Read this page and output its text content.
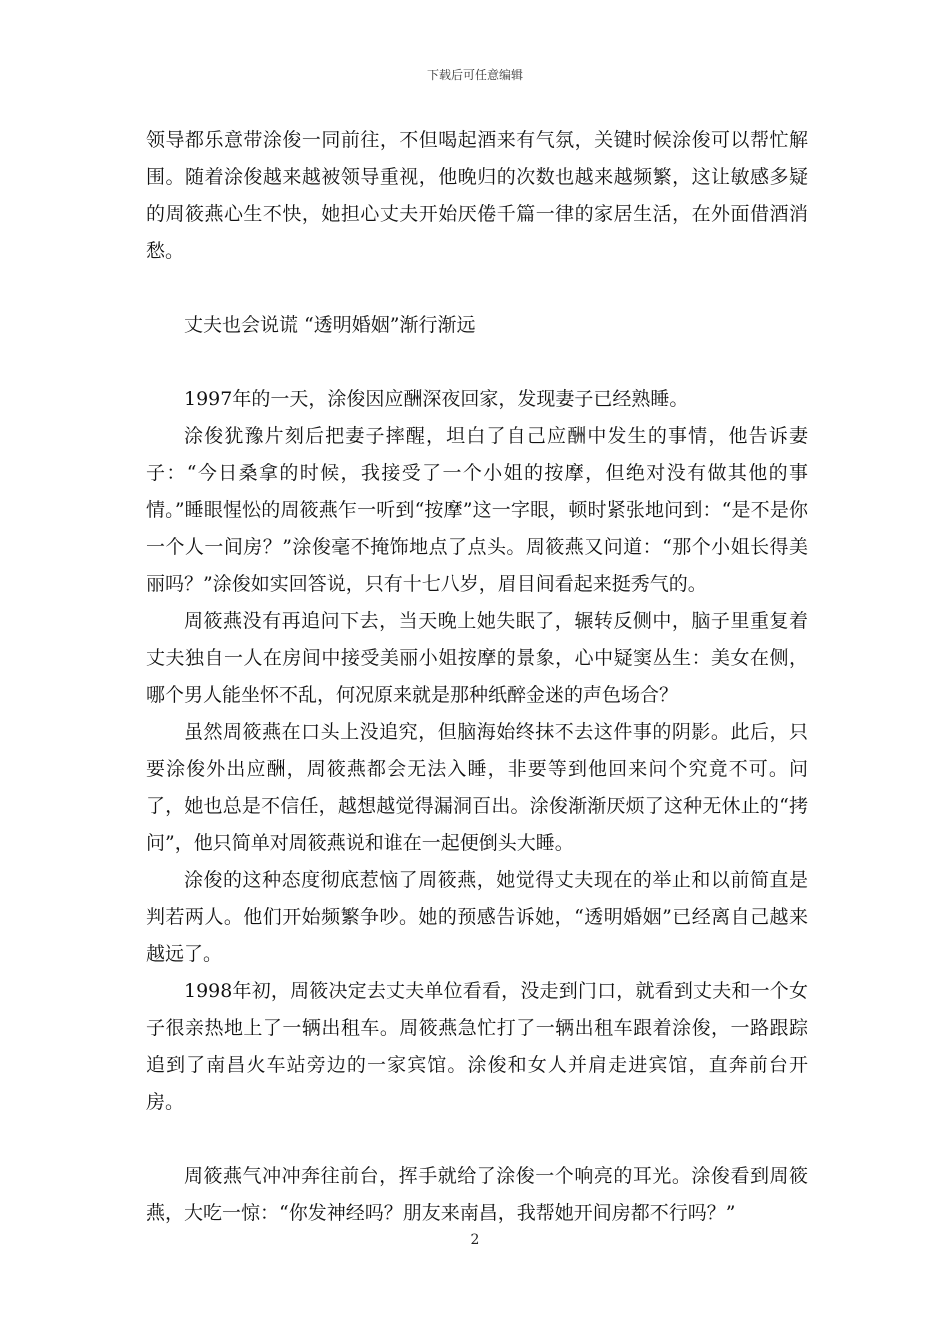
下载后可任意编辑

领导都乐意带涂俊一同前往，不但喝起酒来有气氛，关键时候涂俊可以帮忙解围。随着涂俊越来越被领导重视，他晚归的次数也越来越频繁，这让敏感多疑的周筱燕心生不快，她担心丈夫开始厌倦千篇一律的家居生活，在外面借酒消愁。

丈夫也会说谎 “透明婚姻”渐行渐远

1997年的一天，涂俊因应酬深夜回家，发现妻子已经熟睡。

涂俊犹豫片刻后把妻子摔醒，坦白了自己应酬中发生的事情，他告诉妻子：“今日桑拿的时候，我接受了一个小姐的按摩，但绝对没有做其他的事情。”睡眼惺忪的周筱燕乍一听到“按摩”这一字眼，顿时紧张地问到：“是不是你一个人一间房？”涂俊毫不掩饰地点了点头。周筱燕又问道：“那个小姐长得美丽吗？”涂俊如实回答说，只有十七八岁，眉目间看起来挺秀气的。

周筱燕没有再追问下去，当天晚上她失眠了，辗转反侧中，脑子里重复着丈夫独自一人在房间中接受美丽小姐按摩的景象，心中疑窦丛生：美女在侧，哪个男人能坐怀不乱，何况原来就是那种纸醉金迷的声色场合？

虽然周筱燕在口头上没追究，但脑海始终抹不去这件事的阴影。此后，只要涂俊外出应酬，周筱燕都会无法入睡，非要等到他回来问个究竟不可。问了，她也总是不信任，越想越觉得漏洞百出。涂俊渐渐厌烦了这种无休止的“拷问”，他只简单对周筱燕说和谁在一起便倒头大睡。

涂俊的这种态度彻底惹恼了周筱燕，她觉得丈夫现在的举止和以前简直是判若两人。他们开始频繁争吵。她的预感告诉她，“透明婚姻”已经离自己越来越远了。

1998年初，周筱决定去丈夫单位看看，没走到门口，就看到丈夫和一个女子很亲热地上了一辆出租车。周筱燕急忙打了一辆出租车跟着涂俊，一路跟踪追到了南昌火车站旁边的一家宾馆。涂俊和女人并肩走进宾馆，直奔前台开房。

周筱燕气冲冲奔往前台，挥手就给了涂俊一个响亮的耳光。涂俊看到周筱燕，大吃一惊：“你发神经吗？朋友来南昌，我帮她开间房都不行吗？”

2
